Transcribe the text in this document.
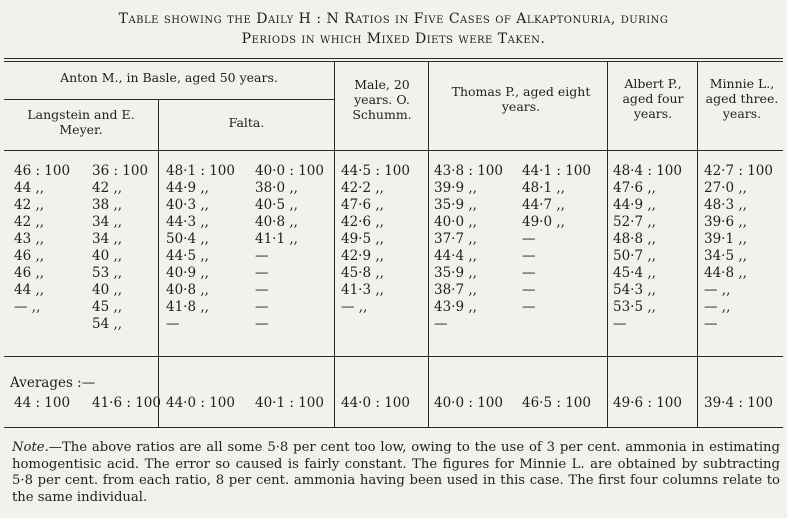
Table showing the Daily H : N Ratios in Five Cases of Alkaptonuria, during
Periods in which Mixed Diets were Taken.
Anton M., in Basle, aged 50 years.
Langstein and E. Meyer.	Falta.
Male, 20 years. O. Schumm.
Thomas P., aged eight years.
Albert P., aged four years.
Minnie L., aged three. years.
46 : 100
44 ,,
42 ,,
42 ,,
43 ,,
46 ,,
46 ,,
44 ,,
— ,,
44 : 100
36 : 100
42 ,,
38 ,,
34 ,,
34 ,,
40 ,,
53 ,,
40 ,,
45 ,,
54 ,,
41·6 : 100
48·1 : 100
44·9 ,,
40·3 ,,
44·3 ,,
50·4 ,,
44·5 ,,
40·9 ,,
40·8 ,,
41·8 ,,
—
44·0 : 100
40·0 : 100
38·0 ,,
40·5 ,,
40·8 ,,
41·1 ,,
—
—
—
—
—
40·1 : 100
44·5 : 100
42·2 ,,
47·6 ,,
42·6 ,,
49·5 ,,
42·9 ,,
45·8 ,,
41·3 ,,
— ,,
44·0 : 100
43·8 : 100
39·9 ,,
35·9 ,,
40·0 ,,
37·7 ,,
44·4 ,,
35·9 ,,
38·7 ,,
43·9 ,,
—
40·0 : 100
44·1 : 100
48·1 ,,
44·7 ,,
49·0 ,,
—
—
—
—
—
46·5 : 100
48·4 : 100
47·6 ,,
44·9 ,,
52·7 ,,
48·8 ,,
50·7 ,,
45·4 ,,
54·3 ,,
53·5 ,,
—
49·6 : 100
42·7 : 100
27·0 ,,
48·3 ,,
39·6 ,,
39·1 ,,
34·5 ,,
44·8 ,,
— ,,
— ,,
—
39·4 : 100
Averages :—
Note.—The above ratios are all some 5·8 per cent too low, owing to the use of 3 per cent. ammonia in estimating homogentisic acid. The error so caused is fairly constant. The figures for Minnie L. are obtained by subtracting 5·8 per cent. from each ratio, 8 per cent. ammonia having been used in this case. The first four columns relate to the same individual.
